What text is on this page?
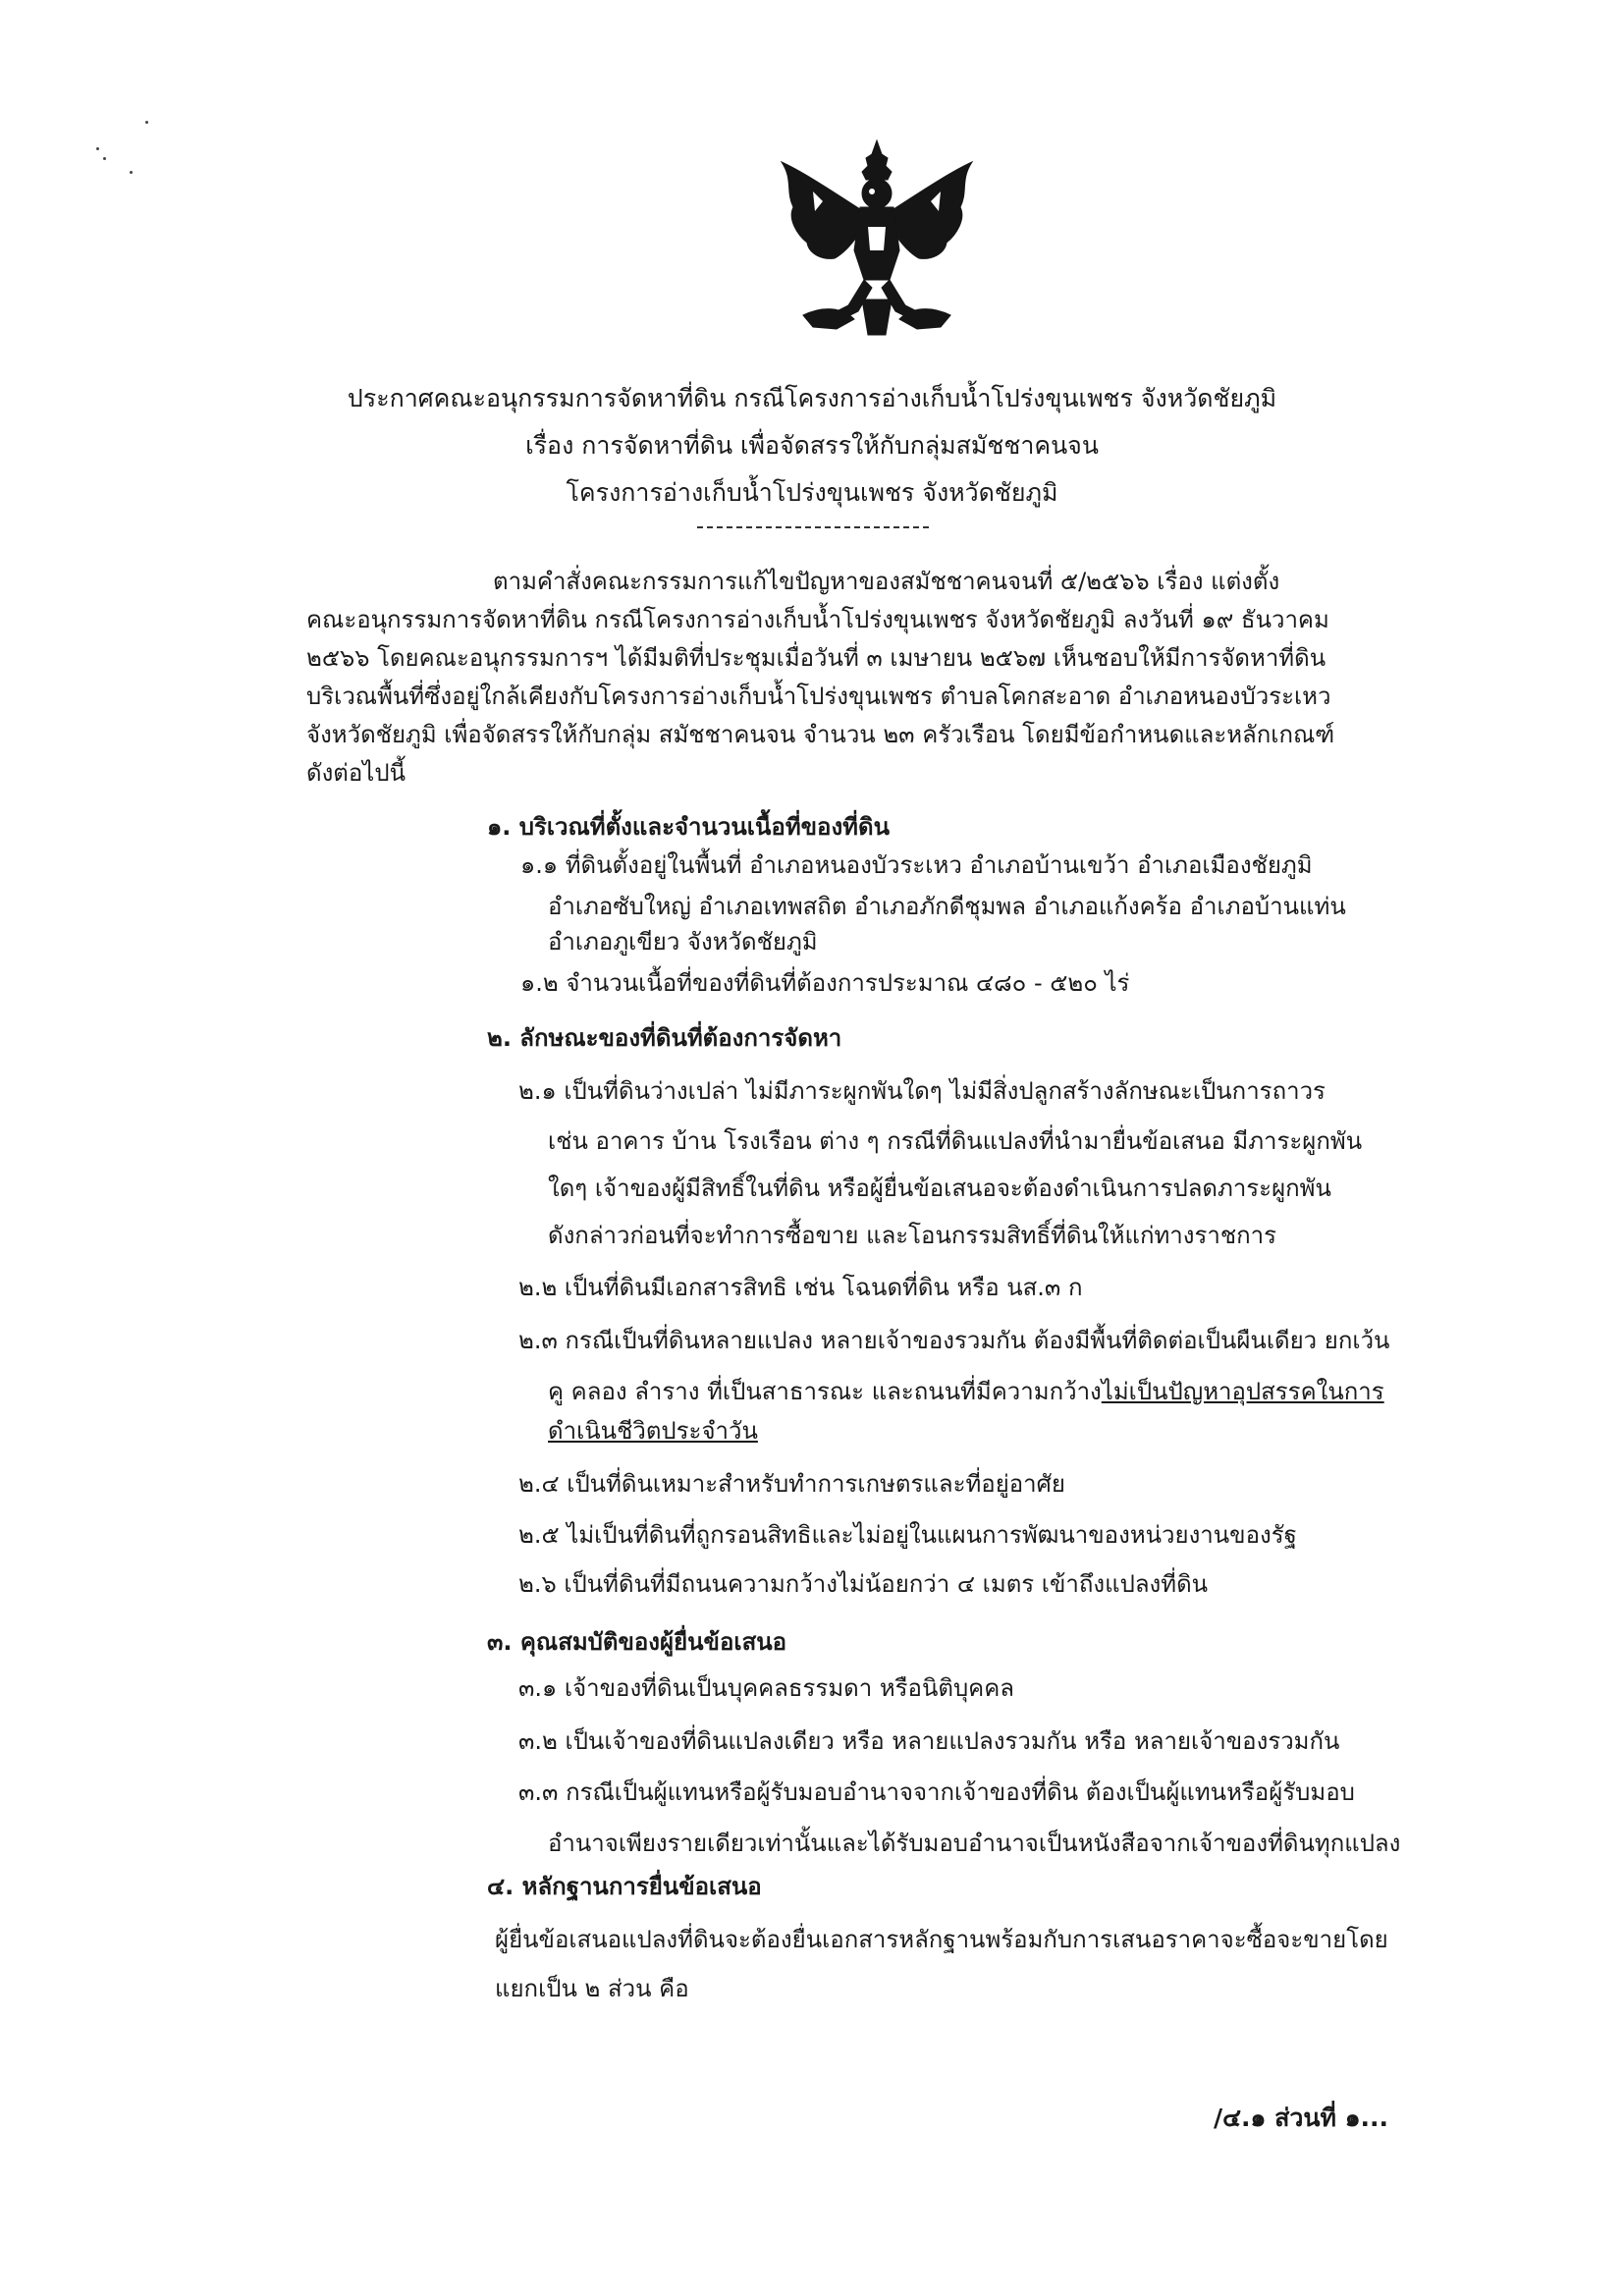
ประกาศคณะอนุกรรมการจัดหาที่ดิน กรณีโครงการอ่างเก็บน้ำโปร่งขุนเพชร จังหวัดชัยภูมิ
เรื่อง การจัดหาที่ดิน เพื่อจัดสรรให้กับกลุ่มสมัชชาคนจน
โครงการอ่างเก็บน้ำโปร่งขุนเพชร จังหวัดชัยภูมิ
ตามคำสั่งคณะกรรมการแก้ไขปัญหาของสมัชชาคนจนที่ ๕/๒๕๖๖ เรื่อง แต่งตั้ง
คณะอนุกรรมการจัดหาที่ดิน กรณีโครงการอ่างเก็บน้ำโปร่งขุนเพชร จังหวัดชัยภูมิ ลงวันที่ ๑๙ ธันวาคม
๒๕๖๖ โดยคณะอนุกรรมการฯ ได้มีมติที่ประชุมเมื่อวันที่ ๓ เมษายน ๒๕๖๗ เห็นชอบให้มีการจัดหาที่ดิน
บริเวณพื้นที่ซึ่งอยู่ใกล้เคียงกับโครงการอ่างเก็บน้ำโปร่งขุนเพชร ตำบลโคกสะอาด อำเภอหนองบัวระเหว
จังหวัดชัยภูมิ เพื่อจัดสรรให้กับกลุ่ม สมัชชาคนจน จำนวน ๒๓ ครัวเรือน โดยมีข้อกำหนดและหลักเกณฑ์
ดังต่อไปนี้
๑. บริเวณที่ตั้งและจำนวนเนื้อที่ของที่ดิน
๑.๑ ที่ดินตั้งอยู่ในพื้นที่ อำเภอหนองบัวระเหว อำเภอบ้านเขว้า อำเภอเมืองชัยภูมิ
อำเภอซับใหญ่ อำเภอเทพสถิต อำเภอภักดีชุมพล อำเภอแก้งคร้อ อำเภอบ้านแท่น
อำเภอภูเขียว จังหวัดชัยภูมิ
๑.๒ จำนวนเนื้อที่ของที่ดินที่ต้องการประมาณ ๔๘๐ - ๕๒๐ ไร่
๒. ลักษณะของที่ดินที่ต้องการจัดหา
๒.๑ เป็นที่ดินว่างเปล่า ไม่มีภาระผูกพันใดๆ ไม่มีสิ่งปลูกสร้างลักษณะเป็นการถาวร
เช่น อาคาร บ้าน โรงเรือน ต่าง ๆ กรณีที่ดินแปลงที่นำมายื่นข้อเสนอ มีภาระผูกพัน
ใดๆ เจ้าของผู้มีสิทธิ์ในที่ดิน หรือผู้ยื่นข้อเสนอจะต้องดำเนินการปลดภาระผูกพัน
ดังกล่าวก่อนที่จะทำการซื้อขาย และโอนกรรมสิทธิ์ที่ดินให้แก่ทางราชการ
๒.๒ เป็นที่ดินมีเอกสารสิทธิ เช่น โฉนดที่ดิน หรือ นส.๓ ก
๒.๓ กรณีเป็นที่ดินหลายแปลง หลายเจ้าของรวมกัน ต้องมีพื้นที่ติดต่อเป็นผืนเดียว ยกเว้น
คู คลอง ลำราง ที่เป็นสาธารณะ และถนนที่มีความกว้างไม่เป็นปัญหาอุปสรรคในการ
ดำเนินชีวิตประจำวัน
๒.๔ เป็นที่ดินเหมาะสำหรับทำการเกษตรและที่อยู่อาศัย
๒.๕ ไม่เป็นที่ดินที่ถูกรอนสิทธิและไม่อยู่ในแผนการพัฒนาของหน่วยงานของรัฐ
๒.๖ เป็นที่ดินที่มีถนนความกว้างไม่น้อยกว่า ๔ เมตร เข้าถึงแปลงที่ดิน
๓. คุณสมบัติของผู้ยื่นข้อเสนอ
๓.๑ เจ้าของที่ดินเป็นบุคคลธรรมดา หรือนิติบุคคล
๓.๒ เป็นเจ้าของที่ดินแปลงเดียว หรือ หลายแปลงรวมกัน หรือ หลายเจ้าของรวมกัน
๓.๓ กรณีเป็นผู้แทนหรือผู้รับมอบอำนาจจากเจ้าของที่ดิน ต้องเป็นผู้แทนหรือผู้รับมอบ
อำนาจเพียงรายเดียวเท่านั้นและได้รับมอบอำนาจเป็นหนังสือจากเจ้าของที่ดินทุกแปลง
๔. หลักฐานการยื่นข้อเสนอ
ผู้ยื่นข้อเสนอแปลงที่ดินจะต้องยื่นเอกสารหลักฐานพร้อมกับการเสนอราคาจะซื้อจะขายโดย
แยกเป็น ๒ ส่วน คือ
/๔.๑ ส่วนที่ ๑...
